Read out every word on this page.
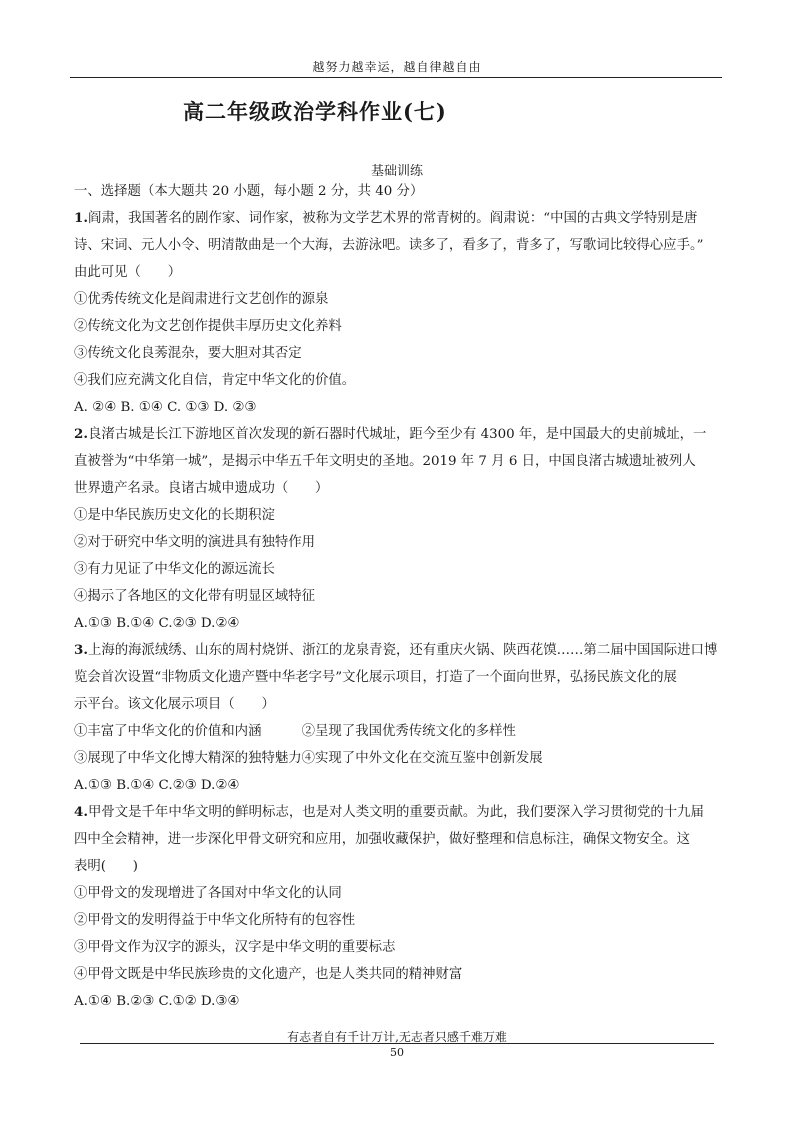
越努力越幸运，越自律越自由
高二年级政治学科作业(七)
基础训练
一、选择题（本大题共 20 小题，每小题 2 分，共 40 分）
1.阎肃，我国著名的剧作家、词作家，被称为文学艺术界的常青树的。阎肃说：“中国的古典文学特别是唐
诗、宋词、元人小令、明清散曲是一个大海，去游泳吧。读多了，看多了，背多了，写歌词比较得心应手。”
由此可见（　　）
①优秀传统文化是阎肃进行文艺创作的源泉
②传统文化为文艺创作提供丰厚历史文化养料
③传统文化良莠混杂，要大胆对其否定
④我们应充满文化自信，肯定中华文化的价值。
A. ②④ B. ①④ C. ①③ D. ②③
2.良渚古城是长江下游地区首次发现的新石器时代城址，距今至少有 4300 年，是中国最大的史前城址，一
直被誉为“中华第一城”，是揭示中华五千年文明史的圣地。2019 年 7 月 6 日，中国良渚古城遗址被列人
世界遗产名录。良诸古城申遗成功（　　）
①是中华民族历史文化的长期积淀
②对于研究中华文明的演进具有独特作用
③有力见证了中华文化的源远流长
④揭示了各地区的文化带有明显区域特征
A.①③ B.①④ C.②③ D.②④
3.上海的海派绒绣、山东的周村烧饼、浙江的龙泉青瓷，还有重庆火锅、陕西花馍……第二届中国国际进口博
览会首次设置“非物质文化遗产暨中华老字号”文化展示项目，打造了一个面向世界，弘扬民族文化的展
示平台。该文化展示项目（　　）
①丰富了中华文化的价值和内涵　　　②呈现了我国优秀传统文化的多样性
③展现了中华文化博大精深的独特魅力④实现了中外文化在交流互鉴中创新发展
A.①③ B.①④ C.②③ D.②④
4.甲骨文是千年中华文明的鲜明标志，也是对人类文明的重要贡献。为此，我们要深入学习贯彻党的十九届
四中全会精神，进一步深化甲骨文研究和应用，加强收藏保护，做好整理和信息标注，确保文物安全。这
表明(　　)
①甲骨文的发现增进了各国对中华文化的认同
②甲骨文的发明得益于中华文化所特有的包容性
③甲骨文作为汉字的源头，汉字是中华文明的重要标志
④甲骨文既是中华民族珍贵的文化遗产，也是人类共同的精神财富
A.①④ B.②③ C.①② D.③④
有志者自有千计万计,无志者只感千难万难
50
